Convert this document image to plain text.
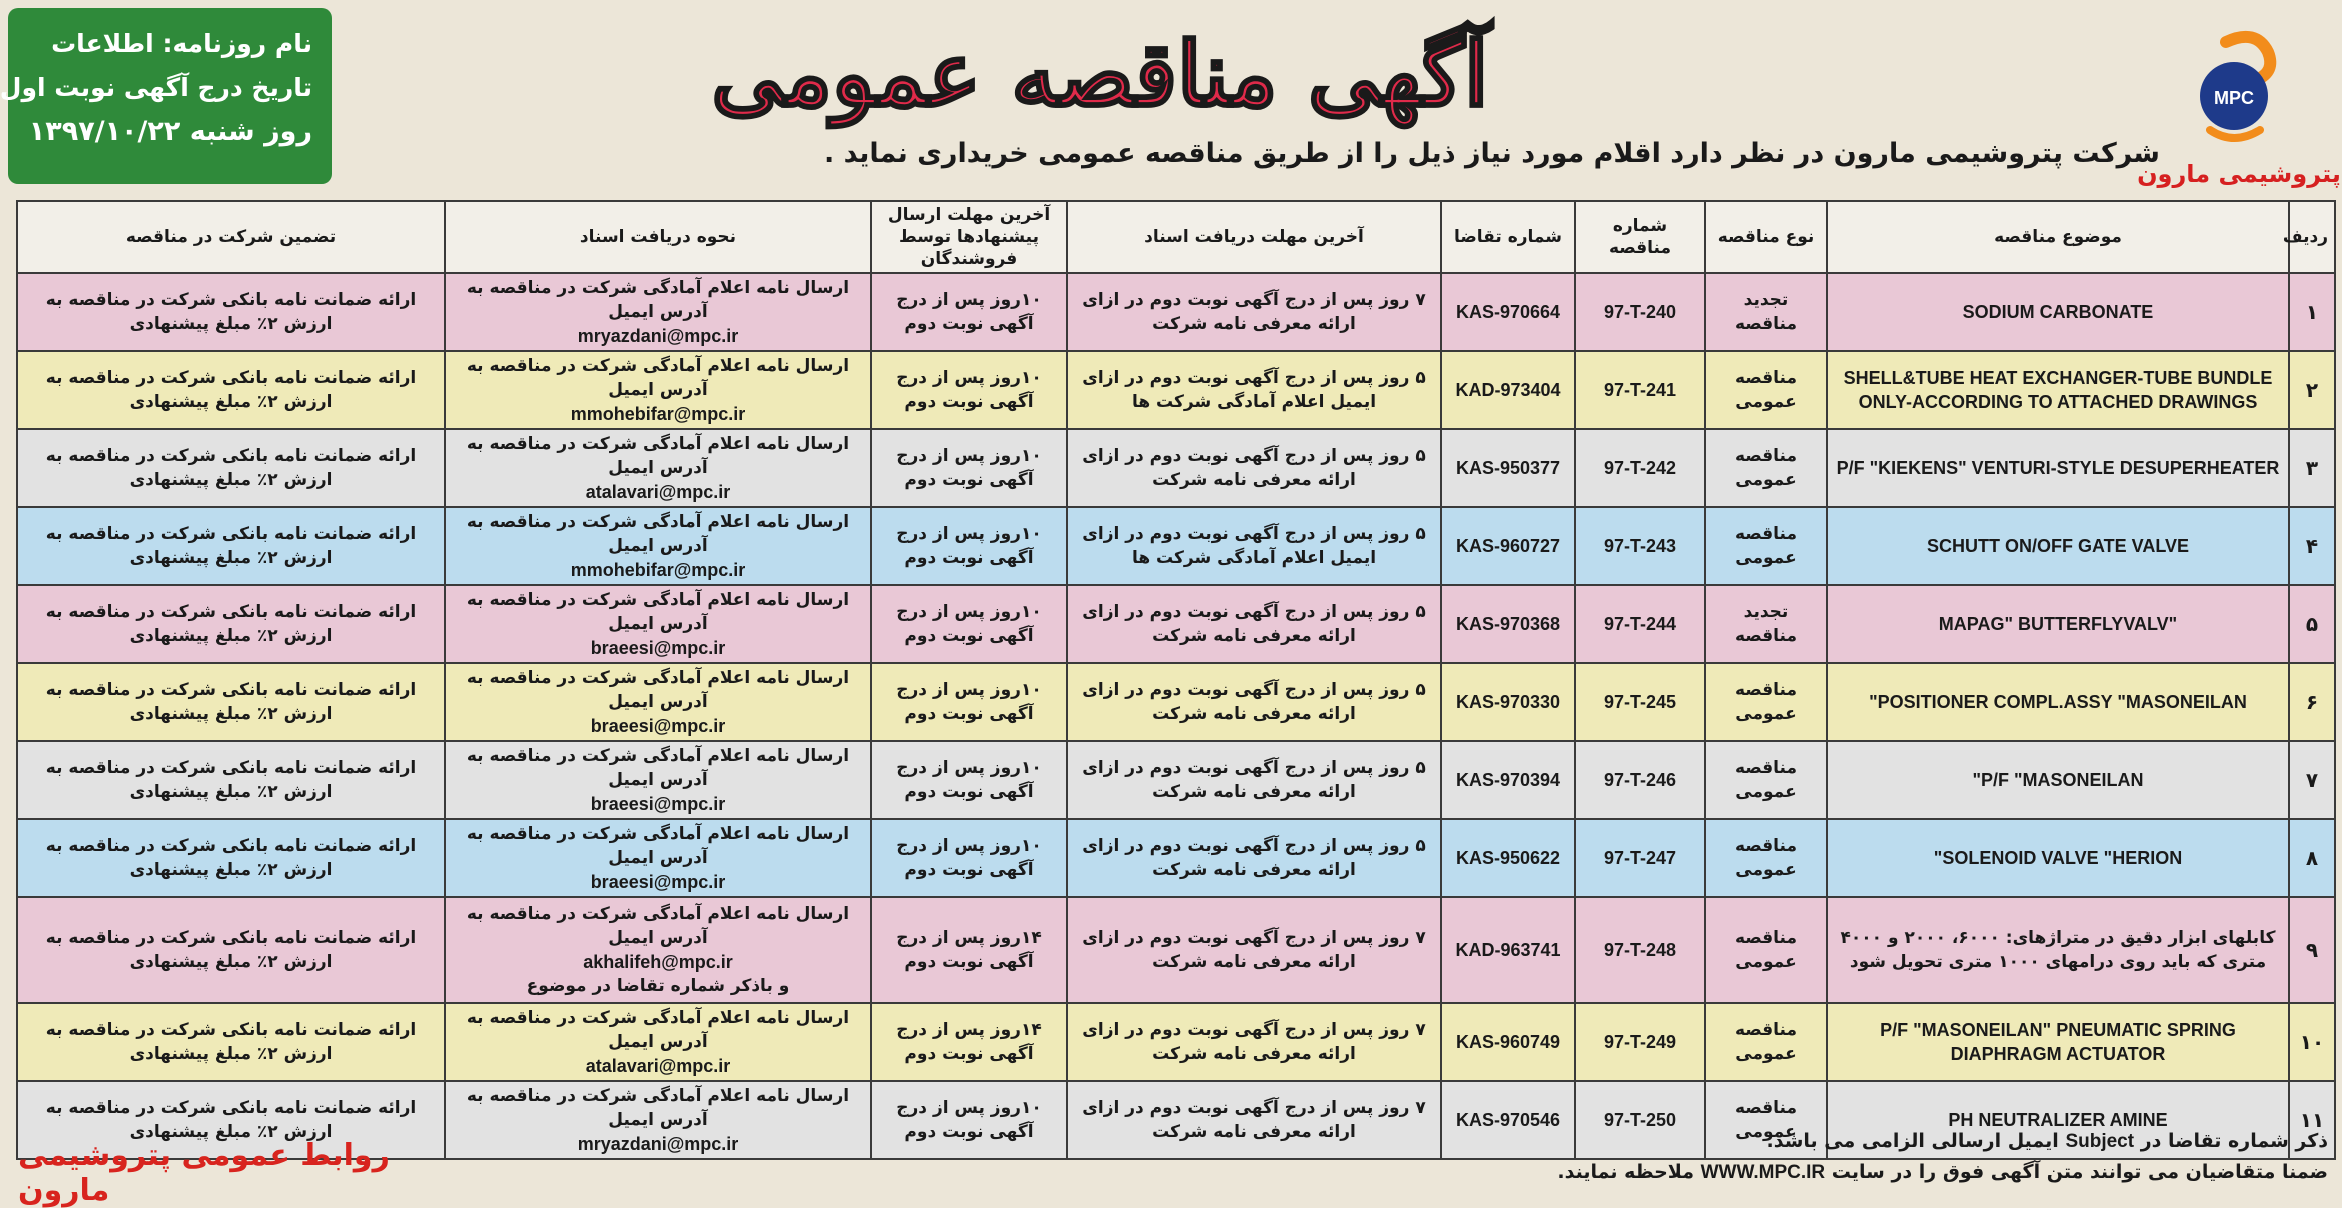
نام روزنامه: اطلاعات
تاریخ درج آگهی نوبت اول
روز شنبه ۱۳۹۷/۱۰/۲۲
MPC
پتروشیمی مارون
آگهی مناقصه عمومی
شرکت پتروشیمی مارون در نظر دارد اقلام مورد نیاز ذیل را از طریق مناقصه عمومی خریداری نماید .
ردیف	موضوع مناقصه	نوع مناقصه	شماره مناقصه	شماره تقاضا	آخرین مهلت دریافت اسناد	آخرین مهلت ارسال پیشنهادها توسط فروشندگان	نحوه دریافت اسناد	تضمین شرکت در مناقصه
۱	SODIUM CARBONATE	تجدید مناقصه	97-T-240	KAS-970664	۷ روز پس از درج آگهی نوبت دوم در ازای ارائه معرفی نامه شرکت	۱۰روز پس از درج آگهی نوبت دوم	ارسال نامه اعلام آمادگی شرکت در مناقصه به آدرس ایمیل
mryazdani@mpc.ir	ارائه ضمانت نامه بانکی شرکت در مناقصه به ارزش ۲٪ مبلغ پیشنهادی
۲	SHELL&TUBE HEAT EXCHANGER-TUBE BUNDLE ONLY-ACCORDING TO ATTACHED DRAWINGS	مناقصه عمومی	97-T-241	KAD-973404	۵ روز پس از درج آگهی نوبت دوم در ازای ایمیل اعلام آمادگی شرکت ها	۱۰روز پس از درج آگهی نوبت دوم	ارسال نامه اعلام آمادگی شرکت در مناقصه به آدرس ایمیل
mmohebifar@mpc.ir	ارائه ضمانت نامه بانکی شرکت در مناقصه به ارزش ۲٪ مبلغ پیشنهادی
۳	P/F "KIEKENS" VENTURI-STYLE DESUPERHEATER	مناقصه عمومی	97-T-242	KAS-950377	۵ روز پس از درج آگهی نوبت دوم در ازای ارائه معرفی نامه شرکت	۱۰روز پس از درج آگهی نوبت دوم	ارسال نامه اعلام آمادگی شرکت در مناقصه به آدرس ایمیل
atalavari@mpc.ir	ارائه ضمانت نامه بانکی شرکت در مناقصه به ارزش ۲٪ مبلغ پیشنهادی
۴	SCHUTT ON/OFF GATE VALVE	مناقصه عمومی	97-T-243	KAS-960727	۵ روز پس از درج آگهی نوبت دوم در ازای ایمیل اعلام آمادگی شرکت ها	۱۰روز پس از درج آگهی نوبت دوم	ارسال نامه اعلام آمادگی شرکت در مناقصه به آدرس ایمیل
mmohebifar@mpc.ir	ارائه ضمانت نامه بانکی شرکت در مناقصه به ارزش ۲٪ مبلغ پیشنهادی
۵	"MAPAG" BUTTERFLYVALV	تجدید مناقصه	97-T-244	KAS-970368	۵ روز پس از درج آگهی نوبت دوم در ازای ارائه معرفی نامه شرکت	۱۰روز پس از درج آگهی نوبت دوم	ارسال نامه اعلام آمادگی شرکت در مناقصه به آدرس ایمیل
braeesi@mpc.ir	ارائه ضمانت نامه بانکی شرکت در مناقصه به ارزش ۲٪ مبلغ پیشنهادی
۶	POSITIONER COMPL.ASSY "MASONEILAN"	مناقصه عمومی	97-T-245	KAS-970330	۵ روز پس از درج آگهی نوبت دوم در ازای ارائه معرفی نامه شرکت	۱۰روز پس از درج آگهی نوبت دوم	ارسال نامه اعلام آمادگی شرکت در مناقصه به آدرس ایمیل
braeesi@mpc.ir	ارائه ضمانت نامه بانکی شرکت در مناقصه به ارزش ۲٪ مبلغ پیشنهادی
۷	P/F "MASONEILAN"	مناقصه عمومی	97-T-246	KAS-970394	۵ روز پس از درج آگهی نوبت دوم در ازای ارائه معرفی نامه شرکت	۱۰روز پس از درج آگهی نوبت دوم	ارسال نامه اعلام آمادگی شرکت در مناقصه به آدرس ایمیل
braeesi@mpc.ir	ارائه ضمانت نامه بانکی شرکت در مناقصه به ارزش ۲٪ مبلغ پیشنهادی
۸	SOLENOID VALVE "HERION"	مناقصه عمومی	97-T-247	KAS-950622	۵ روز پس از درج آگهی نوبت دوم در ازای ارائه معرفی نامه شرکت	۱۰روز پس از درج آگهی نوبت دوم	ارسال نامه اعلام آمادگی شرکت در مناقصه به آدرس ایمیل
braeesi@mpc.ir	ارائه ضمانت نامه بانکی شرکت در مناقصه به ارزش ۲٪ مبلغ پیشنهادی
۹	کابلهای ابزار دقیق در متراژهای: ۶۰۰۰، ۲۰۰۰ و ۴۰۰۰ متری که باید روی درامهای ۱۰۰۰ متری تحویل شود	مناقصه عمومی	97-T-248	KAD-963741	۷ روز پس از درج آگهی نوبت دوم در ازای ارائه معرفی نامه شرکت	۱۴روز پس از درج آگهی نوبت دوم	ارسال نامه اعلام آمادگی شرکت در مناقصه به آدرس ایمیل
akhalifeh@mpc.ir
و باذکر شماره تقاضا در موضوع	ارائه ضمانت نامه بانکی شرکت در مناقصه به ارزش ۲٪ مبلغ پیشنهادی
۱۰	P/F "MASONEILAN" PNEUMATIC SPRING DIAPHRAGM ACTUATOR	مناقصه عمومی	97-T-249	KAS-960749	۷ روز پس از درج آگهی نوبت دوم در ازای ارائه معرفی نامه شرکت	۱۴روز پس از درج آگهی نوبت دوم	ارسال نامه اعلام آمادگی شرکت در مناقصه به آدرس ایمیل
atalavari@mpc.ir	ارائه ضمانت نامه بانکی شرکت در مناقصه به ارزش ۲٪ مبلغ پیشنهادی
۱۱	PH NEUTRALIZER AMINE	مناقصه عمومی	97-T-250	KAS-970546	۷ روز پس از درج آگهی نوبت دوم در ازای ارائه معرفی نامه شرکت	۱۰روز پس از درج آگهی نوبت دوم	ارسال نامه اعلام آمادگی شرکت در مناقصه به آدرس ایمیل
mryazdani@mpc.ir	ارائه ضمانت نامه بانکی شرکت در مناقصه به ارزش ۲٪ مبلغ پیشنهادی	ذکر شماره تقاضا در Subject ایمیل ارسالی الزامی می باشد.
ضمنا متقاضیان می توانند متن آگهی فوق را در سایت WWW.MPC.IR ملاحظه نمایند.
روابط عمومی پتروشیمی مارون
